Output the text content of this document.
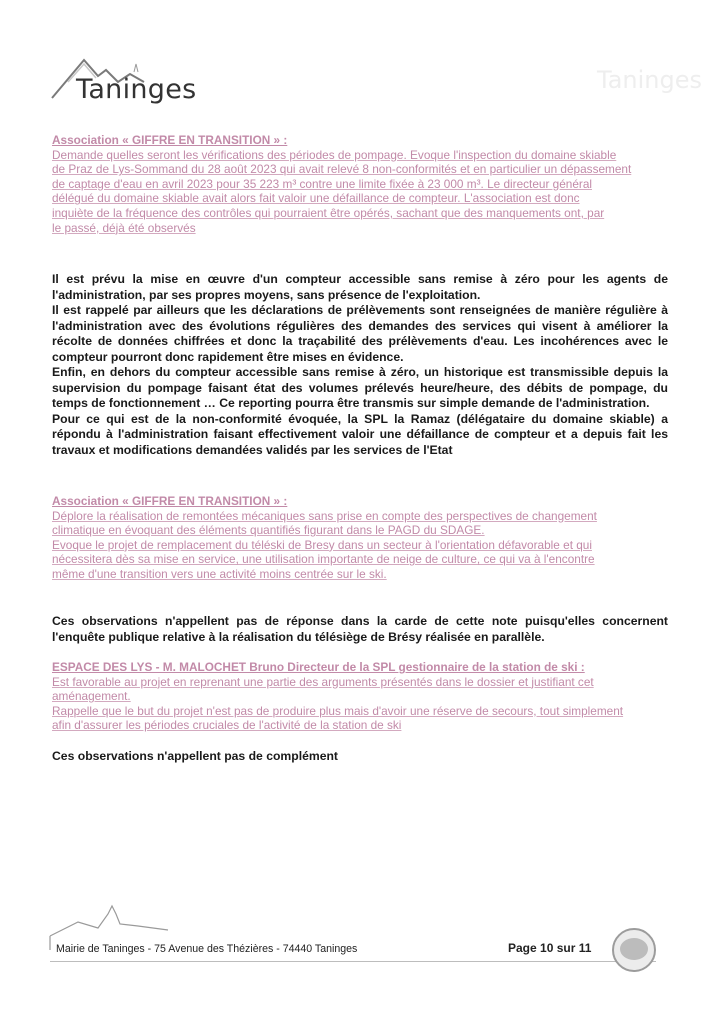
Taninges	Taninges
Association « GIFFRE EN TRANSITION » :
Demande quelles seront les vérifications des périodes de pompage. Evoque l'inspection du domaine skiable
de Praz de Lys-Sommand du 28 août 2023 qui avait relevé 8 non-conformités et en particulier un dépassement
de captage d'eau en avril 2023 pour 35 223 m³ contre une limite fixée à 23 000 m³. Le directeur général
délégué du domaine skiable avait alors fait valoir une défaillance de compteur. L'association est donc
inquiète de la fréquence des contrôles qui pourraient être opérés, sachant que des manquements ont, par
le passé, déjà été observés

Il est prévu la mise en œuvre d'un compteur accessible sans remise à zéro pour les agents de l'administration, par ses propres moyens, sans présence de l'exploitation.

Il est rappelé par ailleurs que les déclarations de prélèvements sont renseignées de manière régulière à l'administration avec des évolutions régulières des demandes des services qui visent à améliorer la récolte de données chiffrées et donc la traçabilité des prélèvements d'eau. Les incohérences avec le compteur pourront donc rapidement être mises en évidence.

Enfin, en dehors du compteur accessible sans remise à zéro, un historique est transmissible depuis la supervision du pompage faisant état des volumes prélevés heure/heure, des débits de pompage, du temps de fonctionnement … Ce reporting pourra être transmis sur simple demande de l'administration.

Pour ce qui est de la non-conformité évoquée, la SPL la Ramaz (délégataire du domaine skiable) a répondu à l'administration faisant effectivement valoir une défaillance de compteur et a depuis fait les travaux et modifications demandées validés par les services de l'Etat

Association « GIFFRE EN TRANSITION » :
Déplore la réalisation de remontées mécaniques sans prise en compte des perspectives de changement
climatique en évoquant des éléments quantifiés figurant dans le PAGD du SDAGE.
Evoque le projet de remplacement du téléski de Bresy dans un secteur à l'orientation défavorable et qui
nécessitera dès sa mise en service, une utilisation importante de neige de culture, ce qui va à l'encontre
même d'une transition vers une activité moins centrée sur le ski.

Ces observations n'appellent pas de réponse dans la carde de cette note puisqu'elles concernent l'enquête publique relative à la réalisation du télésiège de Brésy réalisée en parallèle.

ESPACE DES LYS - M. MALOCHET Bruno Directeur de la SPL gestionnaire de la station de ski :
Est favorable au projet en reprenant une partie des arguments présentés dans le dossier et justifiant cet
aménagement.
Rappelle que le but du projet n'est pas de produire plus mais d'avoir une réserve de secours, tout simplement
afin d'assurer les périodes cruciales de l'activité de la station de ski

Ces observations n'appellent pas de complément

Mairie de Taninges - 75 Avenue des Thézières - 74440 Taninges	Page 10 sur 11
